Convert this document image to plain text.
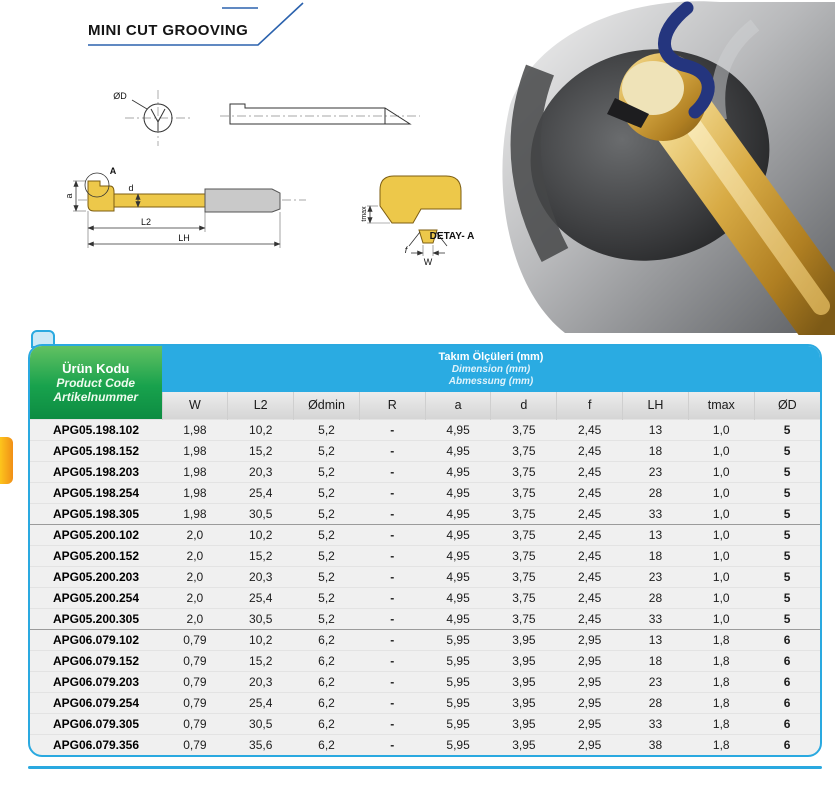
MINI CUT GROOVING
ØD
A
a
d
L2
LH
tmax
f
W
DETAY- A
Ürün Kodu
Product Code
Artikelnummer

Takım Ölçüleri (mm)
Dimension (mm)
Abmessung (mm)

	W	L2	Ødmin	R	a	d	f	LH	tmax	ØD
APG05.198.102	1,98	10,2	5,2	-	4,95	3,75	2,45	13	1,0	5
APG05.198.152	1,98	15,2	5,2	-	4,95	3,75	2,45	18	1,0	5
APG05.198.203	1,98	20,3	5,2	-	4,95	3,75	2,45	23	1,0	5
APG05.198.254	1,98	25,4	5,2	-	4,95	3,75	2,45	28	1,0	5
APG05.198.305	1,98	30,5	5,2	-	4,95	3,75	2,45	33	1,0	5
APG05.200.102	2,0	10,2	5,2	-	4,95	3,75	2,45	13	1,0	5
APG05.200.152	2,0	15,2	5,2	-	4,95	3,75	2,45	18	1,0	5
APG05.200.203	2,0	20,3	5,2	-	4,95	3,75	2,45	23	1,0	5
APG05.200.254	2,0	25,4	5,2	-	4,95	3,75	2,45	28	1,0	5
APG05.200.305	2,0	30,5	5,2	-	4,95	3,75	2,45	33	1,0	5
APG06.079.102	0,79	10,2	6,2	-	5,95	3,95	2,95	13	1,8	6
APG06.079.152	0,79	15,2	6,2	-	5,95	3,95	2,95	18	1,8	6
APG06.079.203	0,79	20,3	6,2	-	5,95	3,95	2,95	23	1,8	6
APG06.079.254	0,79	25,4	6,2	-	5,95	3,95	2,95	28	1,8	6
APG06.079.305	0,79	30,5	6,2	-	5,95	3,95	2,95	33	1,8	6
APG06.079.356	0,79	35,6	6,2	-	5,95	3,95	2,95	38	1,8	6
